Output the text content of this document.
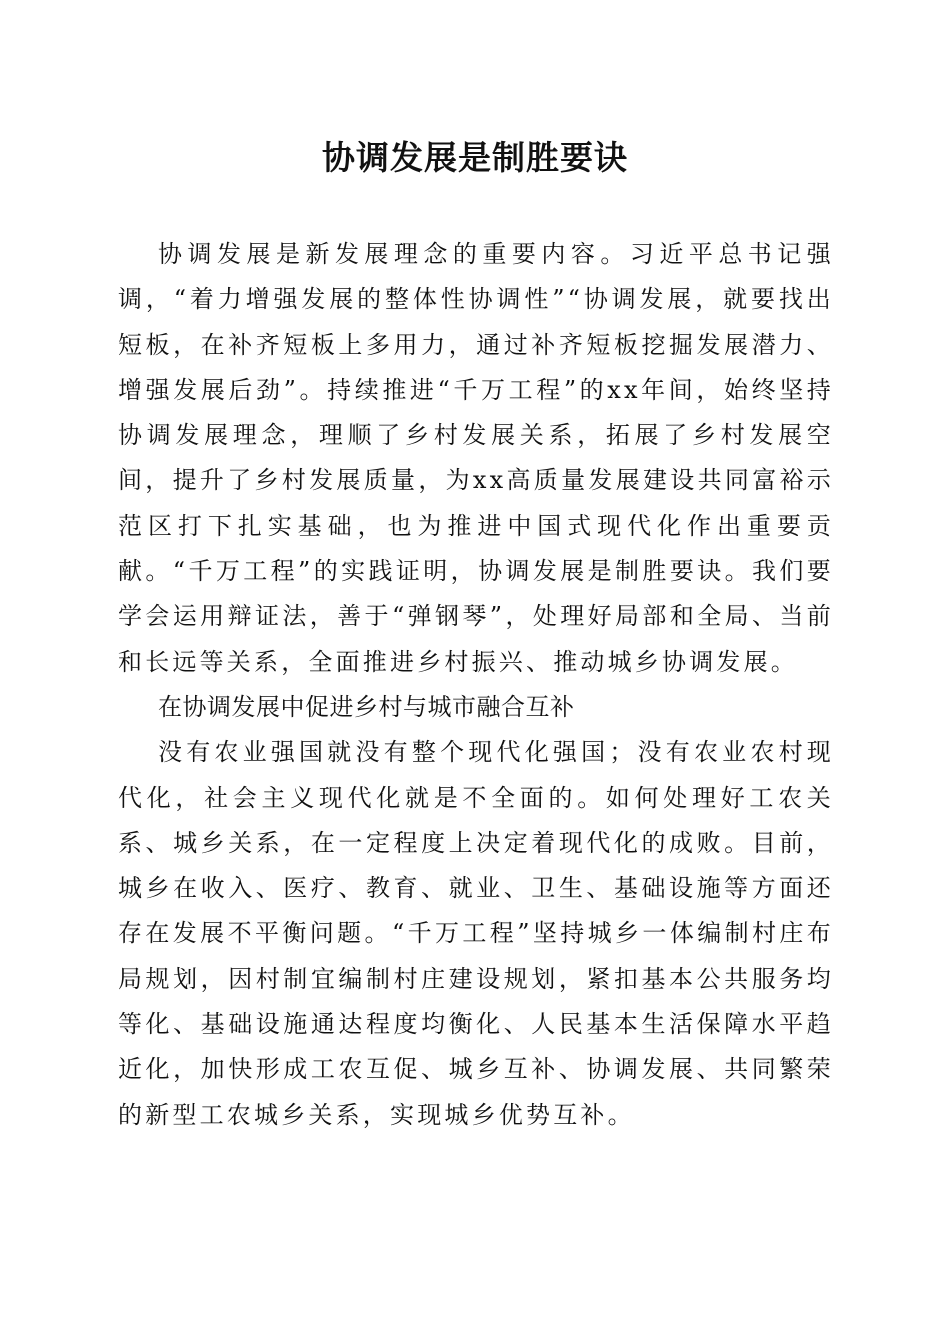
协调发展是制胜要诀

协调发展是新发展理念的重要内容。习近平总书记强调，“着力增强发展的整体性协调性”“协调发展，就要找出短板，在补齐短板上多用力，通过补齐短板挖掘发展潜力、增强发展后劲”。持续推进“千万工程”的xx年间，始终坚持协调发展理念，理顺了乡村发展关系，拓展了乡村发展空间，提升了乡村发展质量，为xx高质量发展建设共同富裕示范区打下扎实基础，也为推进中国式现代化作出重要贡献。“千万工程”的实践证明，协调发展是制胜要诀。我们要学会运用辩证法，善于“弹钢琴”，处理好局部和全局、当前和长远等关系，全面推进乡村振兴、推动城乡协调发展。

在协调发展中促进乡村与城市融合互补

没有农业强国就没有整个现代化强国；没有农业农村现代化，社会主义现代化就是不全面的。如何处理好工农关系、城乡关系，在一定程度上决定着现代化的成败。目前，城乡在收入、医疗、教育、就业、卫生、基础设施等方面还存在发展不平衡问题。“千万工程”坚持城乡一体编制村庄布局规划，因村制宜编制村庄建设规划，紧扣基本公共服务均等化、基础设施通达程度均衡化、人民基本生活保障水平趋近化，加快形成工农互促、城乡互补、协调发展、共同繁荣的新型工农城乡关系，实现城乡优势互补。
